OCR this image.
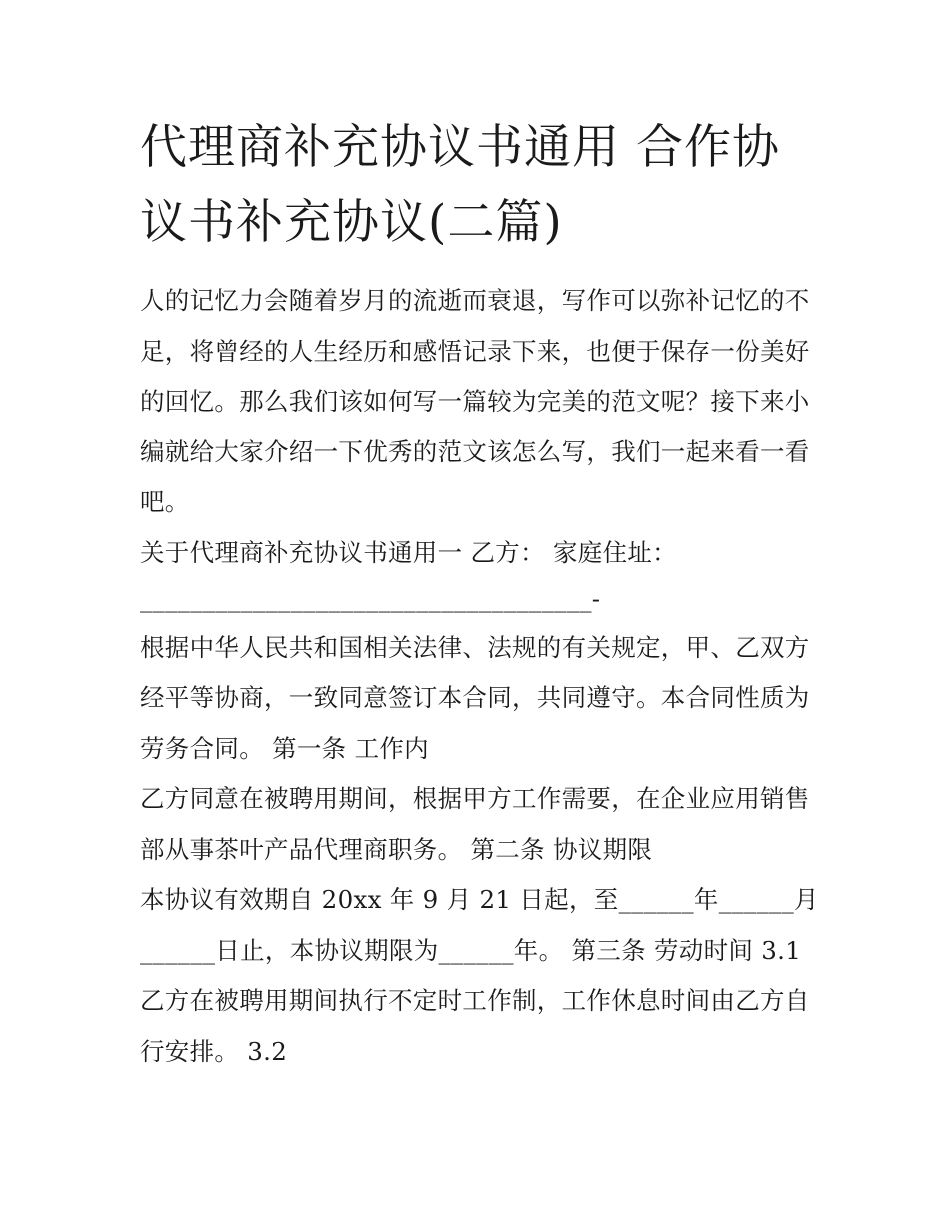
代理商补充协议书通用 合作协
议书补充协议(二篇)
人的记忆力会随着岁月的流逝而衰退，写作可以弥补记忆的不
足，将曾经的人生经历和感悟记录下来，也便于保存一份美好
的回忆。那么我们该如何写一篇较为完美的范文呢？接下来小
编就给大家介绍一下优秀的范文该怎么写，我们一起来看一看
吧。
关于代理商补充协议书通用一 乙方： 家庭住址：
____________________________________-
根据中华人民共和国相关法律、法规的有关规定，甲、乙双方
经平等协商，一致同意签订本合同，共同遵守。本合同性质为
劳务合同。 第一条 工作内
乙方同意在被聘用期间，根据甲方工作需要，在企业应用销售
部从事茶叶产品代理商职务。 第二条 协议期限
本协议有效期自 20xx 年 9 月 21 日起，至______年______月
______日止，本协议期限为______年。 第三条 劳动时间 3.1
乙方在被聘用期间执行不定时工作制，工作休息时间由乙方自
行安排。 3.2
